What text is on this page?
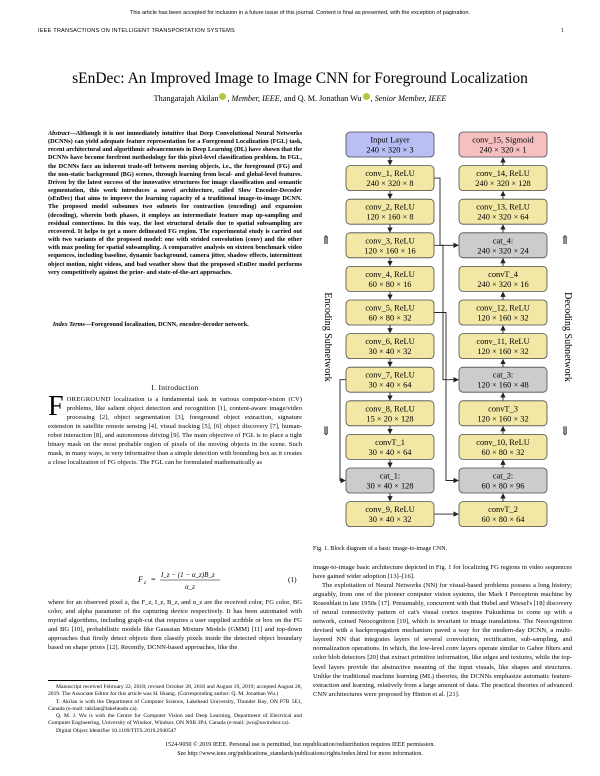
This article has been accepted for inclusion in a future issue of this journal. Content is final as presented, with the exception of pagination.
IEEE TRANSACTIONS ON INTELLIGENT TRANSPORTATION SYSTEMS	1
sEnDec: An Improved Image to Image CNN for Foreground Localization
Thangarajah Akilan , Member, IEEE, and Q. M. Jonathan Wu , Senior Member, IEEE
Abstract—Although it is not immediately intuitive that Deep Convolutional Neural Networks (DCNNs) can yield adequate feature representation for a Foreground Localization (FGL) task, recent architectural and algorithmic advancements in Deep Learning (DL) have shown that the DCNNs have become forefront methodology for this pixel-level classification problem. In FGL, the DCNNs face an inherent trade-off between moving objects, i.e., the foreground (FG) and the non-static background (BG) scenes, through learning from local- and global-level features. Driven by the latest success of the innovative structures for image classification and semantic segmentation, this work introduces a novel architecture, called Slow Encoder-Decoder (sEnDec) that aims to improve the learning capacity of a traditional image-to-image DCNN. The proposed model subsumes two subnets for contraction (encoding) and expansion (decoding), wherein both phases, it employs an intermediate feature map up-sampling and residual connections. In this way, the lost structural details due to spatial subsampling are recovered. It helps to get a more delineated FG region. The experimental study is carried out with two variants of the proposed model: one with strided convolution (conv) and the other with max pooling for spatial subsampling. A comparative analysis on sixteen benchmark video sequences, including baseline, dynamic background, camera jitter, shadow effects, intermittent object motion, night videos, and bad weather show that the proposed sEnDec model performs very competitively against the prior- and state-of-the-art approaches.
Index Terms—Foreground localization, DCNN, encoder-decoder network.
I. Introduction
FOREGROUND localization is a fundamental task in various computer-vision (CV) problems, like salient object detection and recognition [1], content-aware image/video processing [2], object segmentation [3], foreground object extraction, signature extension in satellite remote sensing [4], visual tracking [5], [6] object discovery [7], human-robot interaction [8], and autonomous driving [9]. The main objective of FGL is to place a tight binary mask on the most probable region of pixels of the moving objects in the scene. Such mask, in many ways, is very informative than a simple detection with bounding box as it creates a close localization of FG objects. The FGL can be formulated mathematically as
F z = I_z − (1 − α_z)B_z
α_z
(1)
where for an observed pixel z, the F_z, I_z, B_z, and α_z are the received color, FG color, BG color, and alpha parameter of the capturing device respectively. It has been automated with myriad algorithms, including graph-cut that requires a user supplied scribble or box on the FG and BG [10], probabilistic models like Gaussian Mixture Models (GMM) [11] and top-down approaches that firstly detect objects then classify pixels inside the detected object boundary based on shape priors [12]. Recently, DCNN-based approaches, like the

Manuscript received February 22, 2018; revised October 28, 2018 and August 19, 2019; accepted August 28, 2019. The Associate Editor for this article was H. Huang. (Corresponding author: Q. M. Jonathan Wu.)

T. Akilan is with the Department of Computer Science, Lakehead University, Thunder Bay, ON P7B 5E1, Canada (e-mail: takilan@lakeheadu.ca).

Q. M. J. Wu is with the Centre for Computer Vision and Deep Learning, Department of Electrical and Computer Engineering, University of Windsor, Windsor, ON N9B 3P4, Canada (e-mail: jwu@uwindsor.ca).

Digital Object Identifier 10.1109/TITS.2019.2940547

Input Layer
240 × 320 × 3
conv_1, ReLU
240 × 320 × 8
conv_2, ReLU
120 × 160 × 8
conv_3, ReLU
120 × 160 × 16
conv_4, ReLU
60 × 80 × 16
conv_5, ReLU
60 × 80 × 32
conv_6, ReLU
30 × 40 × 32
conv_7, ReLU
30 × 40 × 64
conv_8, ReLU
15 × 20 × 128
convT_1
30 × 40 × 64
cat_1:
30 × 40 × 128
conv_9, ReLU
30 × 40 × 32
conv_15, Sigmoid
240 × 320 × 1
conv_14, ReLU
240 × 320 × 128
conv_13, ReLU
240 × 320 × 64
cat_4:
240 × 320 × 24
convT_4
240 × 320 × 16
conv_12, ReLU
120 × 160 × 32
conv_11, ReLU
120 × 160 × 32
cat_3:
120 × 160 × 48
convT_3
120 × 160 × 32
conv_10, ReLU
60 × 80 × 32
cat_2:
60 × 80 × 96
convT_2
60 × 80 × 64
Encoding Subnetwork	Decoding Subnetwork
⇑
⇓
⇑
⇓
Fig. 1. Block diagram of a basic image-to-image CNN.

image-to-image basic architecture depicted in Fig. 1 for localizing FG regions in video sequences have gained wider adoption [13]–[16].

The exploitation of Neural Networks (NN) for visual-based problems possess a long history; arguably, from one of the pioneer computer vision systems, the Mark I Perceptron machine by Rosenblatt in late 1950s [17]. Presumably, concurrent with that Hubel and Wiesel's [18] discovery of neural connectivity pattern of cat's visual cortex inspires Fukushima to come up with a network, coined Neocognitron [19], which is invariant to image translations. The Neocognitron devised with a backpropagation mechanism paved a way for the modern-day DCNN, a multi-layered NN that integrates layers of several convolution, rectification, sub-sampling, and normalization operations. In which, the low-level conv layers operate similar to Gabor filters and color blob detectors [20] that extract primitive information, like edges and textures, while the top-level layers provide the abstractive meaning of the input visuals, like shapes and structures. Unlike the traditional machine learning (ML) theories, the DCNNs emphasize automatic feature-extraction and learning, relatively from a large amount of data. The practical theories of advanced CNN architectures were proposed by Hinton et al. [21].

1524-9050 © 2019 IEEE. Personal use is permitted, but republication/redistribution requires IEEE permission.
See http://www.ieee.org/publications_standards/publications/rights/index.html for more information.
